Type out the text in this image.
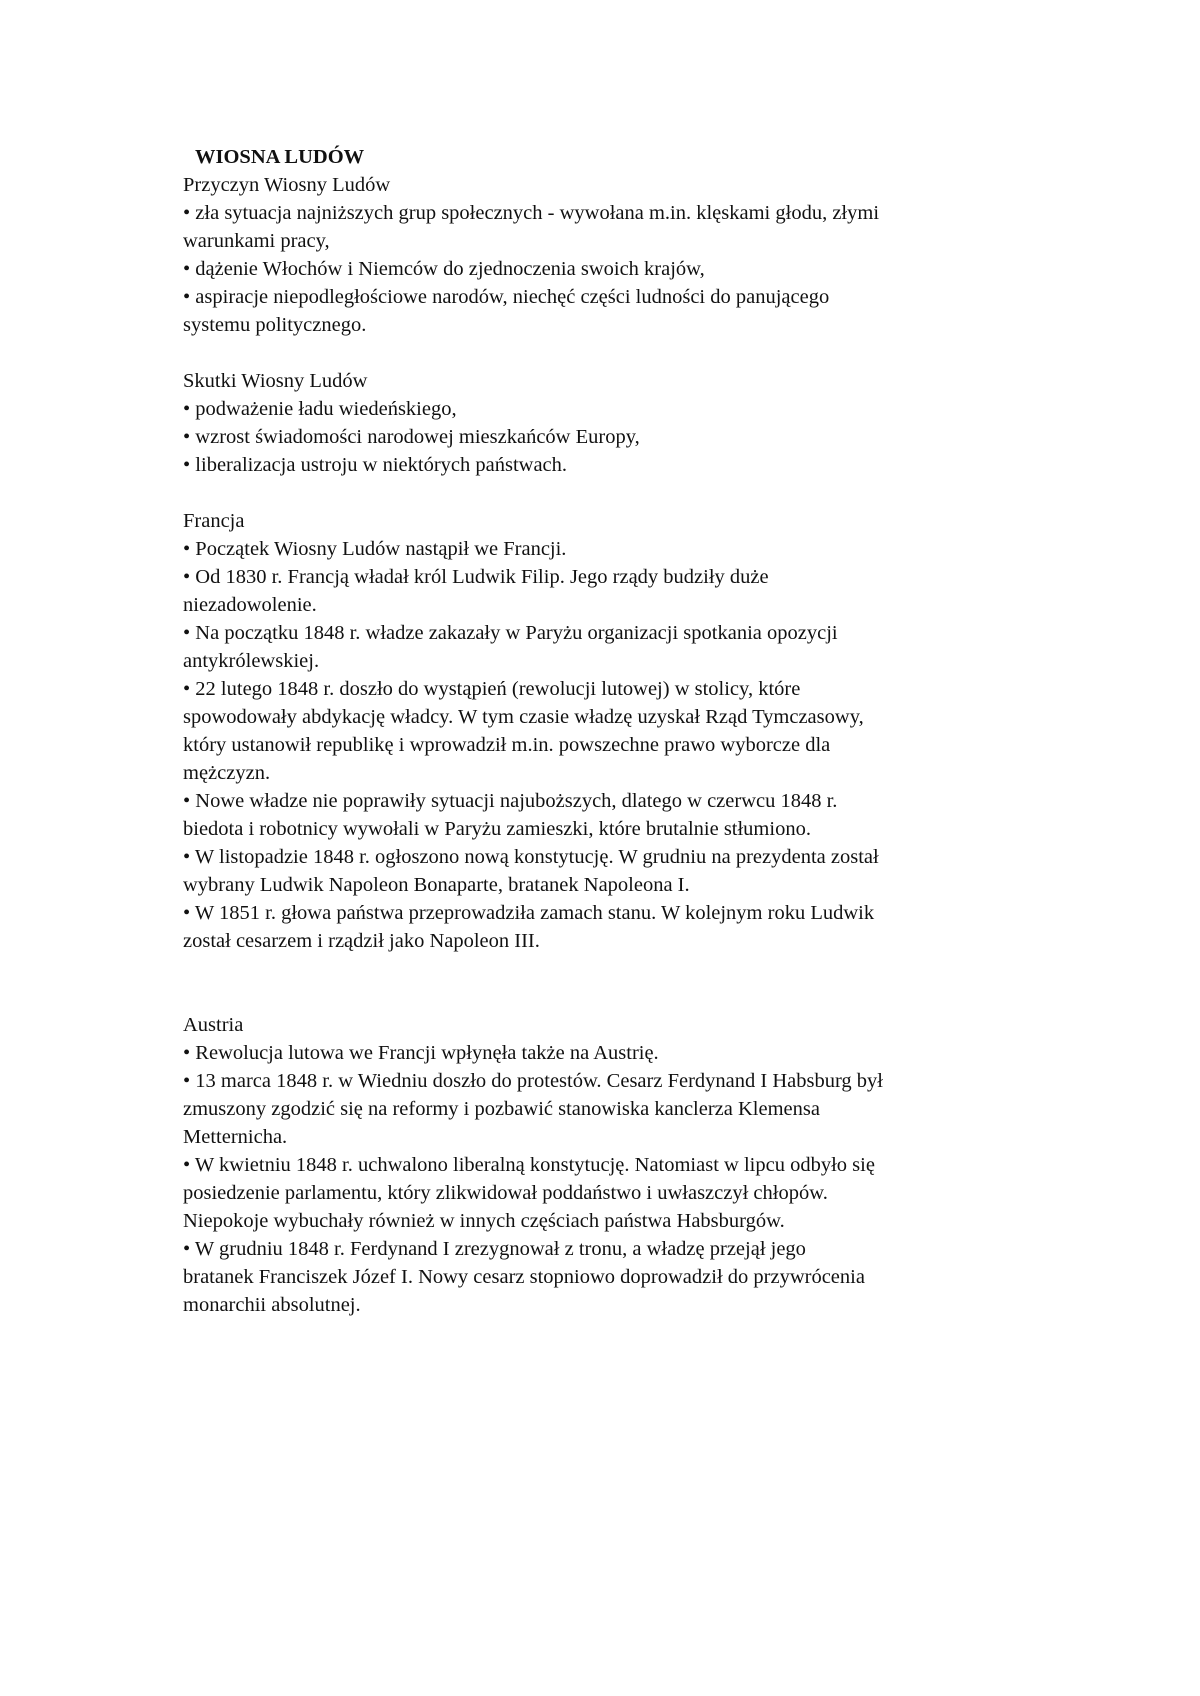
WIOSNA LUDÓW

Przyczyn Wiosny Ludów

• zła sytuacja najniższych grup społecznych - wywołana m.in. klęskami głodu, złymi

warunkami pracy,

• dążenie Włochów i Niemców do zjednoczenia swoich krajów,

• aspiracje niepodległościowe narodów, niechęć części ludności do panującego

systemu politycznego.

Skutki Wiosny Ludów

• podważenie ładu wiedeńskiego,

• wzrost świadomości narodowej mieszkańców Europy,

• liberalizacja ustroju w niektórych państwach.

Francja

• Początek Wiosny Ludów nastąpił we Francji.

• Od 1830 r. Francją władał król Ludwik Filip. Jego rządy budziły duże

niezadowolenie.

• Na początku 1848 r. władze zakazały w Paryżu organizacji spotkania opozycji

antykrólewskiej.

• 22 lutego 1848 r. doszło do wystąpień (rewolucji lutowej) w stolicy, które

spowodowały abdykację władcy. W tym czasie władzę uzyskał Rząd Tymczasowy,

który ustanowił republikę i wprowadził m.in. powszechne prawo wyborcze dla

mężczyzn.

• Nowe władze nie poprawiły sytuacji najuboższych, dlatego w czerwcu 1848 r.

biedota i robotnicy wywołali w Paryżu zamieszki, które brutalnie stłumiono.

• W listopadzie 1848 r. ogłoszono nową konstytucję. W grudniu na prezydenta został

wybrany Ludwik Napoleon Bonaparte, bratanek Napoleona I.

• W 1851 r. głowa państwa przeprowadziła zamach stanu. W kolejnym roku Ludwik

został cesarzem i rządził jako Napoleon III.

Austria

• Rewolucja lutowa we Francji wpłynęła także na Austrię.

• 13 marca 1848 r. w Wiedniu doszło do protestów. Cesarz Ferdynand I Habsburg był

zmuszony zgodzić się na reformy i pozbawić stanowiska kanclerza Klemensa

Metternicha.

• W kwietniu 1848 r. uchwalono liberalną konstytucję. Natomiast w lipcu odbyło się

posiedzenie parlamentu, który zlikwidował poddaństwo i uwłaszczył chłopów.

Niepokoje wybuchały również w innych częściach państwa Habsburgów.

• W grudniu 1848 r. Ferdynand I zrezygnował z tronu, a władzę przejął jego

bratanek Franciszek Józef I. Nowy cesarz stopniowo doprowadził do przywrócenia

monarchii absolutnej.
